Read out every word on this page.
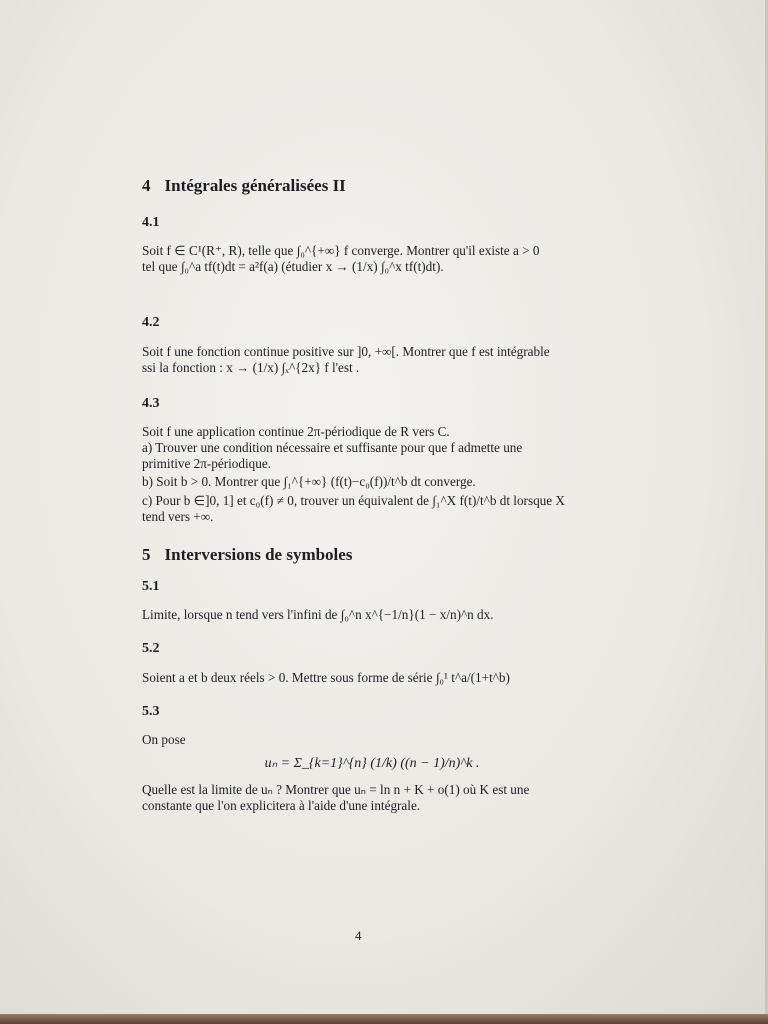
4 Intégrales généralisées II
4.1

Soit f ∈ C¹(R⁺, R), telle que ∫₀^{+∞} f converge. Montrer qu'il existe a > 0

tel que ∫₀^a tf(t)dt = a²f(a) (étudier x → (1/x) ∫₀^x tf(t)dt).

4.2

Soit f une fonction continue positive sur ]0, +∞[. Montrer que f est intégrable

ssi la fonction : x → (1/x) ∫ₓ^{2x} f l'est .

4.3

Soit f une application continue 2π-périodique de R vers C.

a) Trouver une condition nécessaire et suffisante pour que f admette une

primitive 2π-périodique.

b) Soit b > 0. Montrer que ∫₁^{+∞} (f(t)−c₀(f))/t^b dt converge.

c) Pour b ∈]0, 1] et c₀(f) ≠ 0, trouver un équivalent de ∫₁^X f(t)/t^b dt lorsque X

tend vers +∞.

5 Interversions de symboles
5.1

Limite, lorsque n tend vers l'infini de ∫₀^n x^{−1/n}(1 − x/n)^n dx.

5.2

Soient a et b deux réels > 0. Mettre sous forme de série ∫₀¹ t^a/(1+t^b)

5.3

On pose

uₙ = Σ_{k=1}^{n} (1/k) ((n − 1)/n)^k .

Quelle est la limite de uₙ ? Montrer que uₙ = ln n + K + o(1) où K est une

constante que l'on explicitera à l'aide d'une intégrale.

4
